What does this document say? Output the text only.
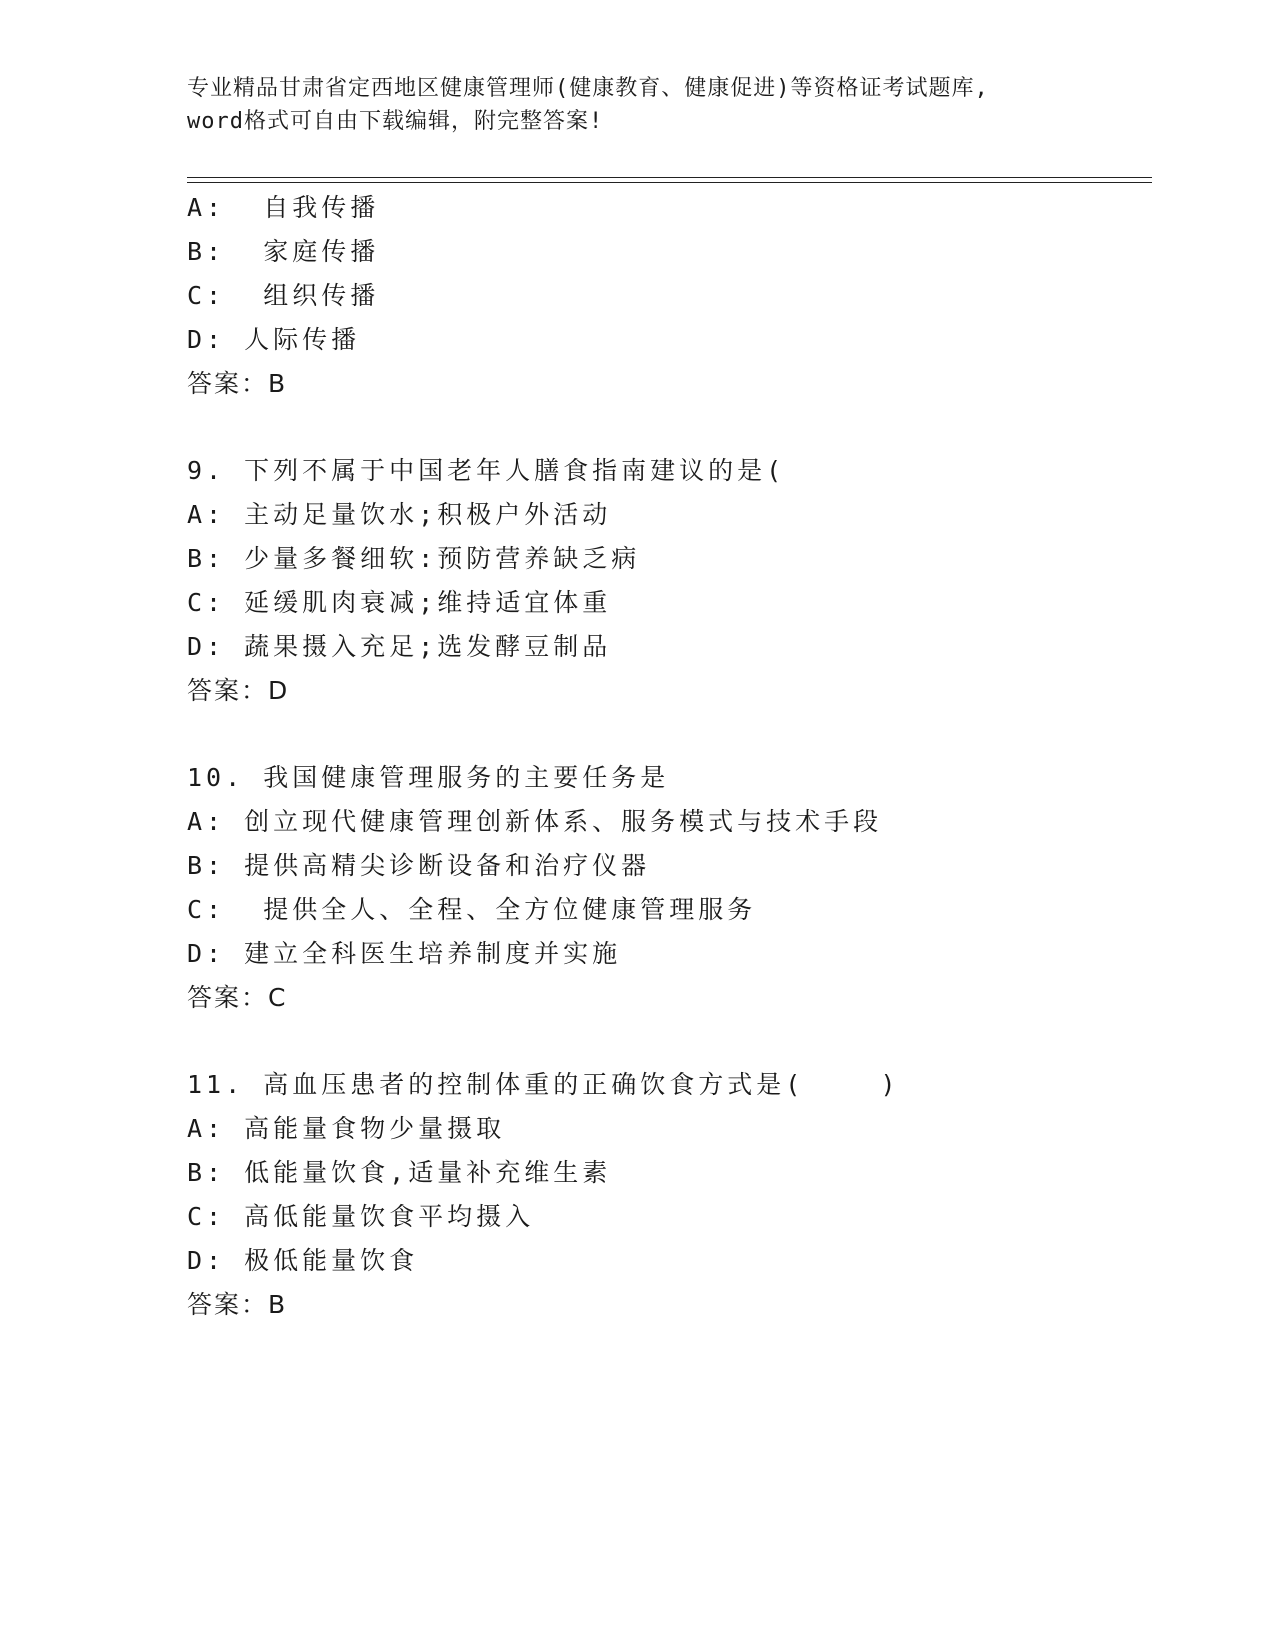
专业精品甘肃省定西地区健康管理师(健康教育、健康促进)等资格证考试题库,
word格式可自由下载编辑，附完整答案!
A:  自我传播
B:  家庭传播
C:  组织传播
D: 人际传播
答案：B
9. 下列不属于中国老年人膳食指南建议的是(
A: 主动足量饮水;积极户外活动
B: 少量多餐细软:预防营养缺乏病
C: 延缓肌肉衰减;维持适宜体重
D: 蔬果摄入充足;选发酵豆制品
答案：D
10. 我国健康管理服务的主要任务是
A: 创立现代健康管理创新体系、服务模式与技术手段
B: 提供高精尖诊断设备和治疗仪器
C:  提供全人、全程、全方位健康管理服务
D: 建立全科医生培养制度并实施
答案：C
11. 高血压患者的控制体重的正确饮食方式是(    )
A: 高能量食物少量摄取
B: 低能量饮食,适量补充维生素
C: 高低能量饮食平均摄入
D: 极低能量饮食
答案：B
